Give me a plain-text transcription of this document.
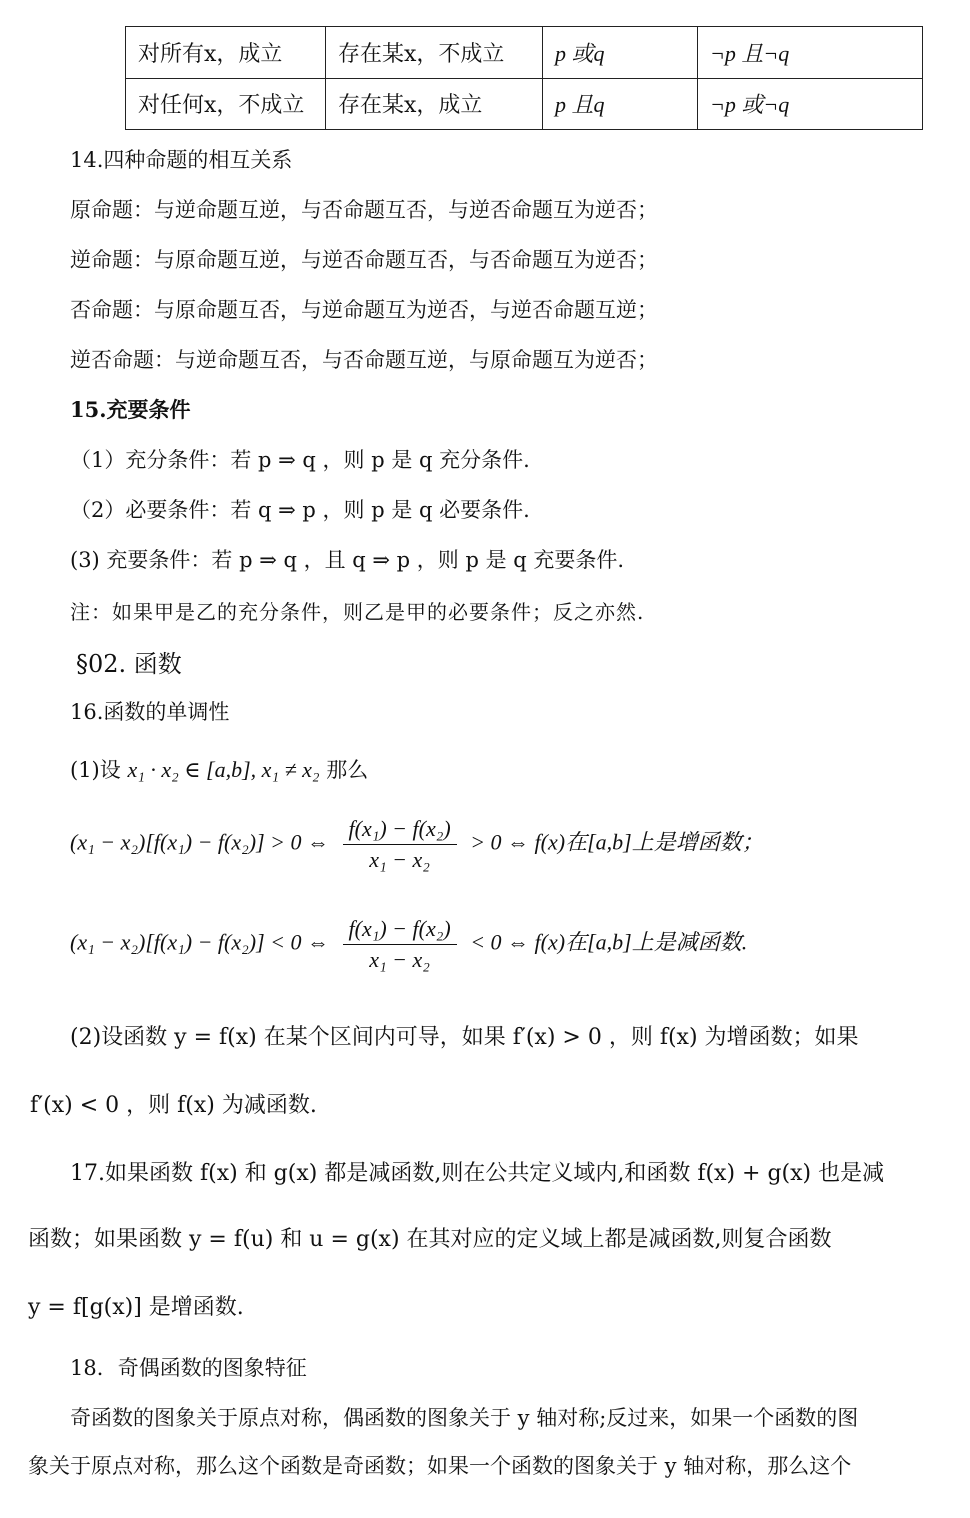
对所有x，成立	存在某x，不成立	p 或q	¬p 且¬q
对任何x，不成立	存在某x，成立	p 且q	¬p 或¬q
14.四种命题的相互关系
原命题：与逆命题互逆，与否命题互否，与逆否命题互为逆否；
逆命题：与原命题互逆，与逆否命题互否，与否命题互为逆否；
否命题：与原命题互否，与逆命题互为逆否，与逆否命题互逆；
逆否命题：与逆命题互否，与否命题互逆，与原命题互为逆否；
15.充要条件
（1）充分条件：若 p ⇒ q ，则 p 是 q 充分条件.
（2）必要条件：若 q ⇒ p ，则 p 是 q 必要条件.
(3) 充要条件：若 p ⇒ q ，且 q ⇒ p ，则 p 是 q 充要条件.
注：如果甲是乙的充分条件，则乙是甲的必要条件；反之亦然.
§02. 函数
16.函数的单调性
(1)设 x₁ · x₂ ∈ [a,b], x₁ ≠ x₂ 那么
(x₁ − x₂)[f(x₁) − f(x₂)] > 0 ⇔ $\frac{\text{f(x₁) − f(x₂)}}{\text{x₁ − x₂}} > 0$ ⇔ f(x)在[a,b]上是增函数；
(x₁ − x₂)[f(x₁) − f(x₂)] < 0 ⇔ $\frac{\text{f(x₁) − f(x₂)}}{\text{x₁ − x₂}} < 0$ ⇔ f(x)在[a,b]上是减函数.
(2)设函数 y = f(x) 在某个区间内可导，如果 f′(x) > 0 ，则 f(x) 为增函数；如果
f′(x) < 0 ，则 f(x) 为减函数.
17.如果函数 f(x) 和 g(x) 都是减函数,则在公共定义域内,和函数 f(x) + g(x) 也是减
函数；如果函数 y = f(u) 和 u = g(x) 在其对应的定义域上都是减函数,则复合函数
y = f[g(x)] 是增函数.
18．奇偶函数的图象特征
奇函数的图象关于原点对称，偶函数的图象关于 y 轴对称;反过来，如果一个函数的图
象关于原点对称，那么这个函数是奇函数；如果一个函数的图象关于 y 轴对称，那么这个
